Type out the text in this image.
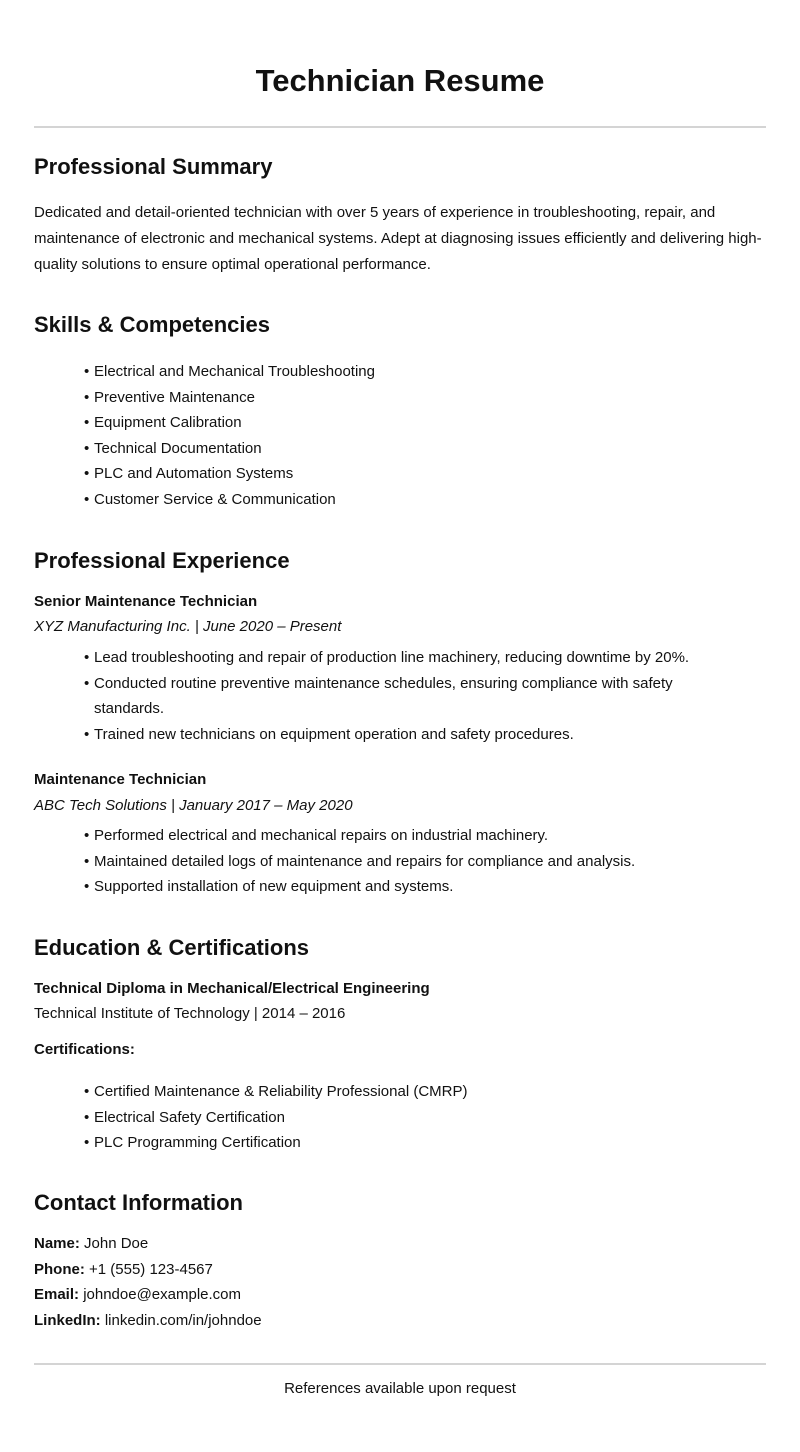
Technician Resume
Professional Summary

Dedicated and detail-oriented technician with over 5 years of experience in troubleshooting, repair, and maintenance of electronic and mechanical systems. Adept at diagnosing issues efficiently and delivering high-quality solutions to ensure optimal operational performance.

Skills & Competencies
• Electrical and Mechanical Troubleshooting
• Preventive Maintenance
• Equipment Calibration
• Technical Documentation
• PLC and Automation Systems
• Customer Service & Communication
Professional Experience
Senior Maintenance Technician
XYZ Manufacturing Inc. | June 2020 – Present
• Lead troubleshooting and repair of production line machinery, reducing downtime by 20%.
• Conducted routine preventive maintenance schedules, ensuring compliance with safety standards.
• Trained new technicians on equipment operation and safety procedures.
Maintenance Technician
ABC Tech Solutions | January 2017 – May 2020
• Performed electrical and mechanical repairs on industrial machinery.
• Maintained detailed logs of maintenance and repairs for compliance and analysis.
• Supported installation of new equipment and systems.
Education & Certifications
Technical Diploma in Mechanical/Electrical Engineering
Technical Institute of Technology | 2014 – 2016
Certifications:
• Certified Maintenance & Reliability Professional (CMRP)
• Electrical Safety Certification
• PLC Programming Certification
Contact Information
Name: John Doe
Phone: +1 (555) 123-4567
Email: johndoe@example.com
LinkedIn: linkedin.com/in/johndoe

References available upon request
